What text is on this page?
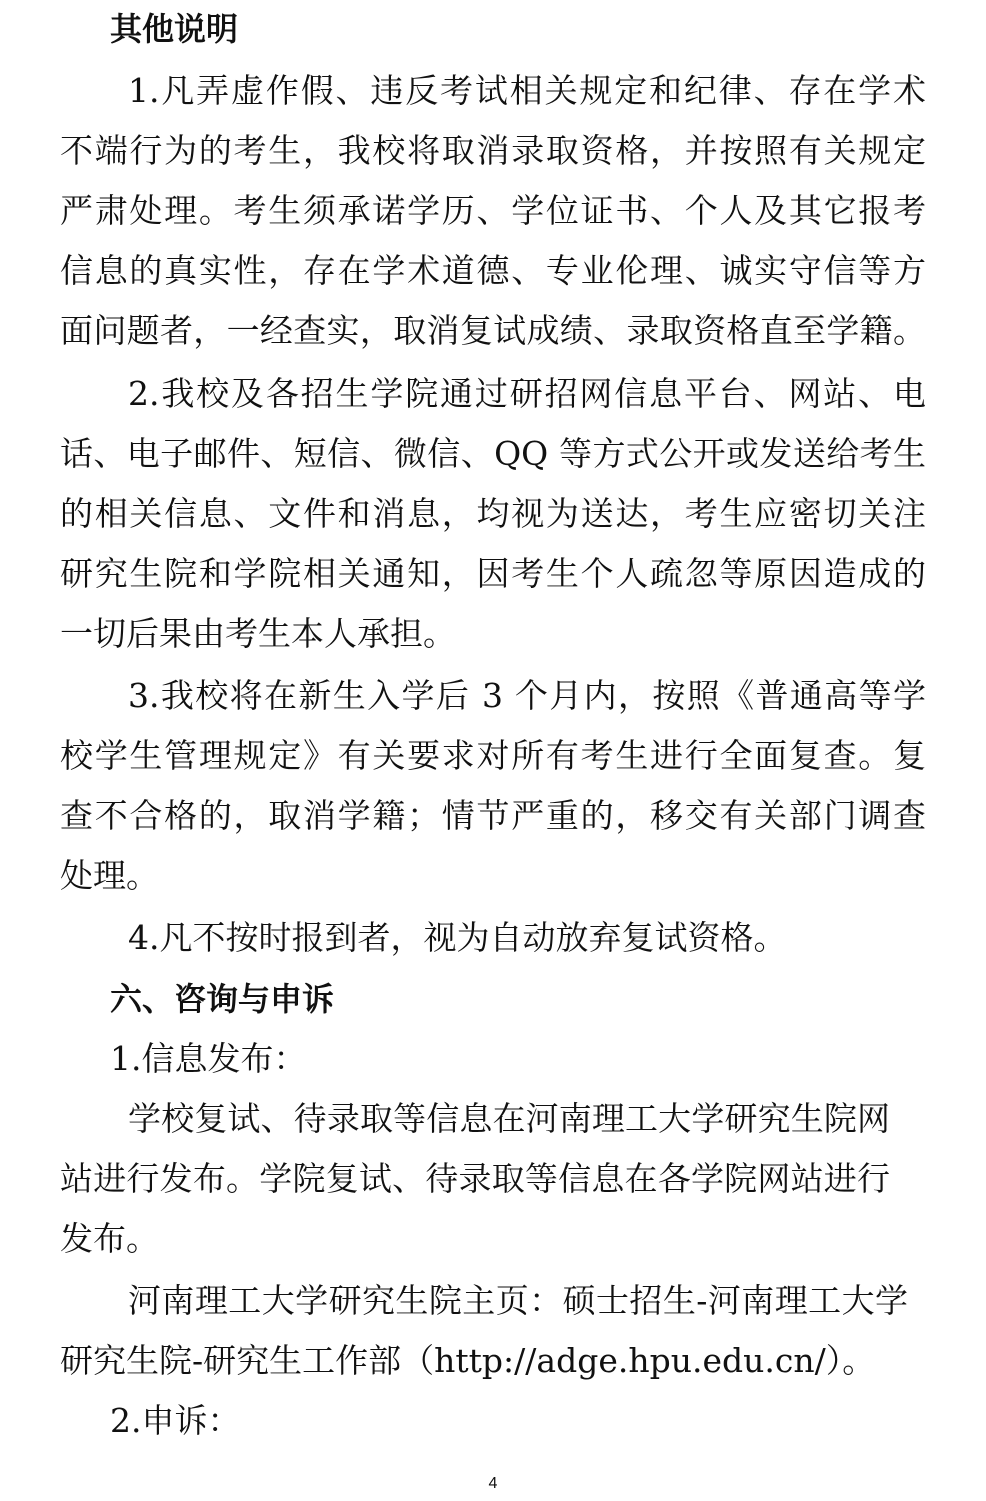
其他说明

1.凡弄虚作假、违反考试相关规定和纪律、存在学术

不端行为的考生，我校将取消录取资格，并按照有关规定

严肃处理。考生须承诺学历、学位证书、个人及其它报考

信息的真实性，存在学术道德、专业伦理、诚实守信等方

面问题者，一经查实，取消复试成绩、录取资格直至学籍。

2.我校及各招生学院通过研招网信息平台、网站、电

话、电子邮件、短信、微信、QQ 等方式公开或发送给考生

的相关信息、文件和消息，均视为送达，考生应密切关注

研究生院和学院相关通知，因考生个人疏忽等原因造成的

一切后果由考生本人承担。

3.我校将在新生入学后 3 个月内，按照《普通高等学

校学生管理规定》有关要求对所有考生进行全面复查。复

查不合格的，取消学籍；情节严重的，移交有关部门调查

处理。

4.凡不按时报到者，视为自动放弃复试资格。

六、咨询与申诉

1.信息发布：

学校复试、待录取等信息在河南理工大学研究生院网

站进行发布。学院复试、待录取等信息在各学院网站进行

发布。

河南理工大学研究生院主页：硕士招生-河南理工大学

研究生院-研究生工作部（http://adge.hpu.edu.cn/）。

2.申诉：

4
